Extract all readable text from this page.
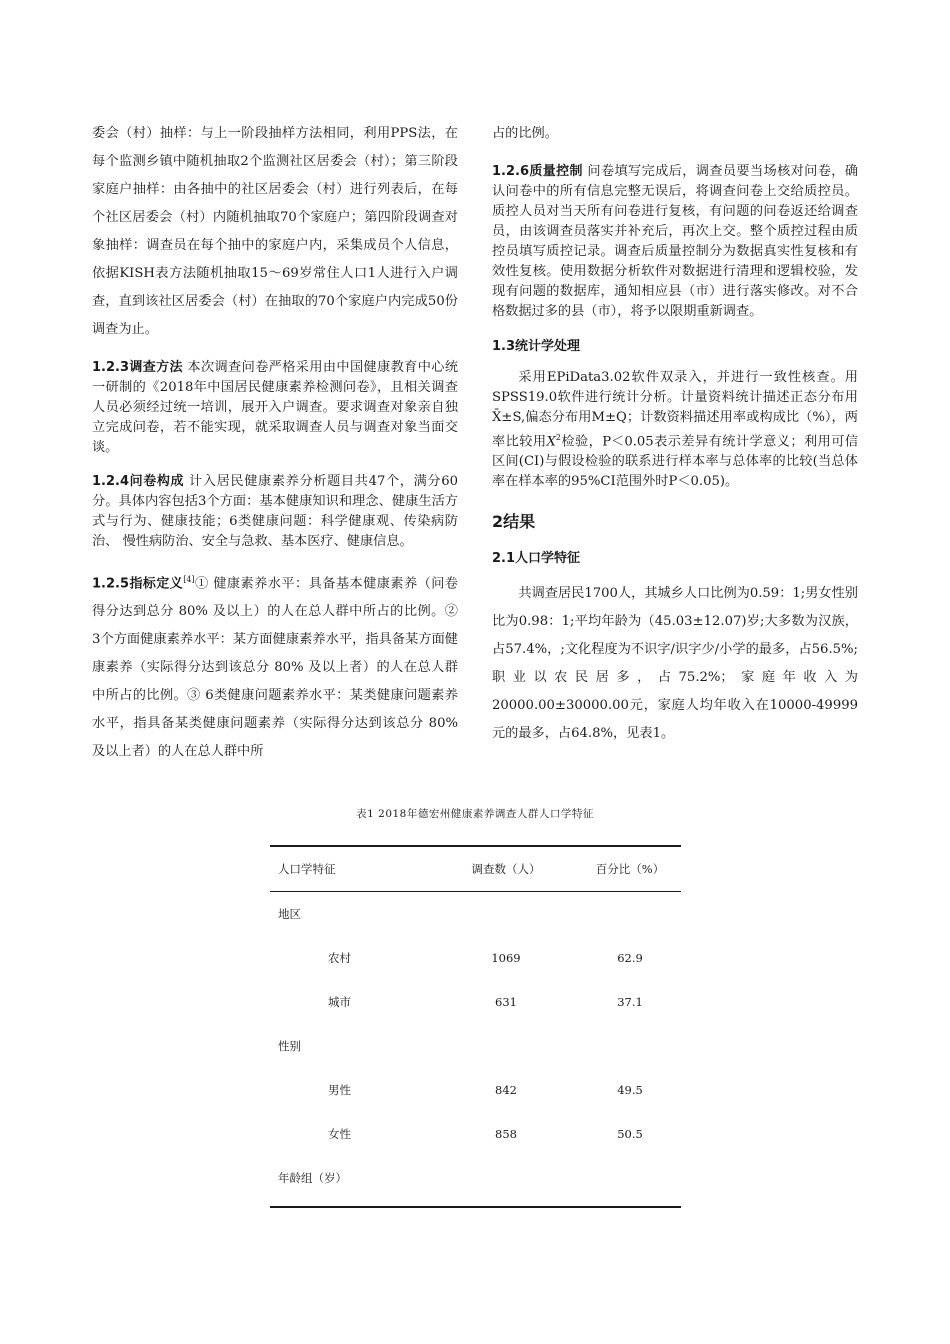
委会（村）抽样：与上一阶段抽样方法相同，利用PPS法，在每个监测乡镇中随机抽取2个监测社区居委会（村）；第三阶段家庭户抽样：由各抽中的社区居委会（村）进行列表后，在每个社区居委会（村）内随机抽取70个家庭户；第四阶段调查对象抽样：调查员在每个抽中的家庭户内，采集成员个人信息，依据KISH表方法随机抽取15～69岁常住人口1人进行入户调查，直到该社区居委会（村）在抽取的70个家庭户内完成50份调查为止。

1.2.3调查方法 本次调查问卷严格采用由中国健康教育中心统一研制的《2018年中国居民健康素养检测问卷》，且相关调查人员必须经过统一培训，展开入户调查。要求调查对象亲自独立完成问卷，若不能实现，就采取调查人员与调查对象当面交谈。

1.2.4问卷构成 计入居民健康素养分析题目共47个，满分60分。具体内容包括3个方面：基本健康知识和理念、健康生活方式与行为、健康技能；6类健康问题：科学健康观、传染病防治、 慢性病防治、安全与急救、基本医疗、健康信息。

1.2.5指标定义[4]① 健康素养水平：具备基本健康素养（问卷得分达到总分 80% 及以上）的人在总人群中所占的比例。② 3个方面健康素养水平：某方面健康素养水平，指具备某方面健康素养（实际得分达到该总分 80% 及以上者）的人在总人群中所占的比例。③ 6类健康问题素养水平：某类健康问题素养水平，指具备某类健康问题素养（实际得分达到该总分 80% 及以上者）的人在总人群中所

占的比例。

1.2.6质量控制 问卷填写完成后，调查员要当场核对问卷，确认问卷中的所有信息完整无误后，将调查问卷上交给质控员。质控人员对当天所有问卷进行复核，有问题的问卷返还给调查员，由该调查员落实并补充后，再次上交。整个质控过程由质控员填写质控记录。调查后质量控制分为数据真实性复核和有效性复核。使用数据分析软件对数据进行清理和逻辑校验，发现有问题的数据库，通知相应县（市）进行落实修改。对不合格数据过多的县（市），将予以限期重新调查。

1.3统计学处理

采用EPiData3.02软件双录入，并进行一致性核查。用SPSS19.0软件进行统计分析。计量资料统计描述正态分布用 X̄±S,偏态分布用M±Q；计数资料描述用率或构成比（%），两率比较用$X^2$检验，P＜0.05表示差异有统计学意义；利用可信区间(CI)与假设检验的联系进行样本率与总体率的比较(当总体率在样本率的95%CI范围外时P＜0.05)。

2结果
2.1人口学特征

共调查居民1700人，其城乡人口比例为0.59：1;男女性别比为0.98：1;平均年龄为（45.03±12.07)岁;大多数为汉族，占57.4%，;文化程度为不识字/识字少/小学的最多，占56.5%;职业以农民居多，占75.2%；家庭年收入为20000.00±30000.00元，家庭人均年收入在10000-49999元的最多，占64.8%，见表1。

表1 2018年德宏州健康素养调查人群人口学特征
人口学特征	调查数（人）	百分比（%）
地区
农村	1069	62.9
城市	631	37.1
性别
男性	842	49.5
女性	858	50.5
年龄组（岁）
